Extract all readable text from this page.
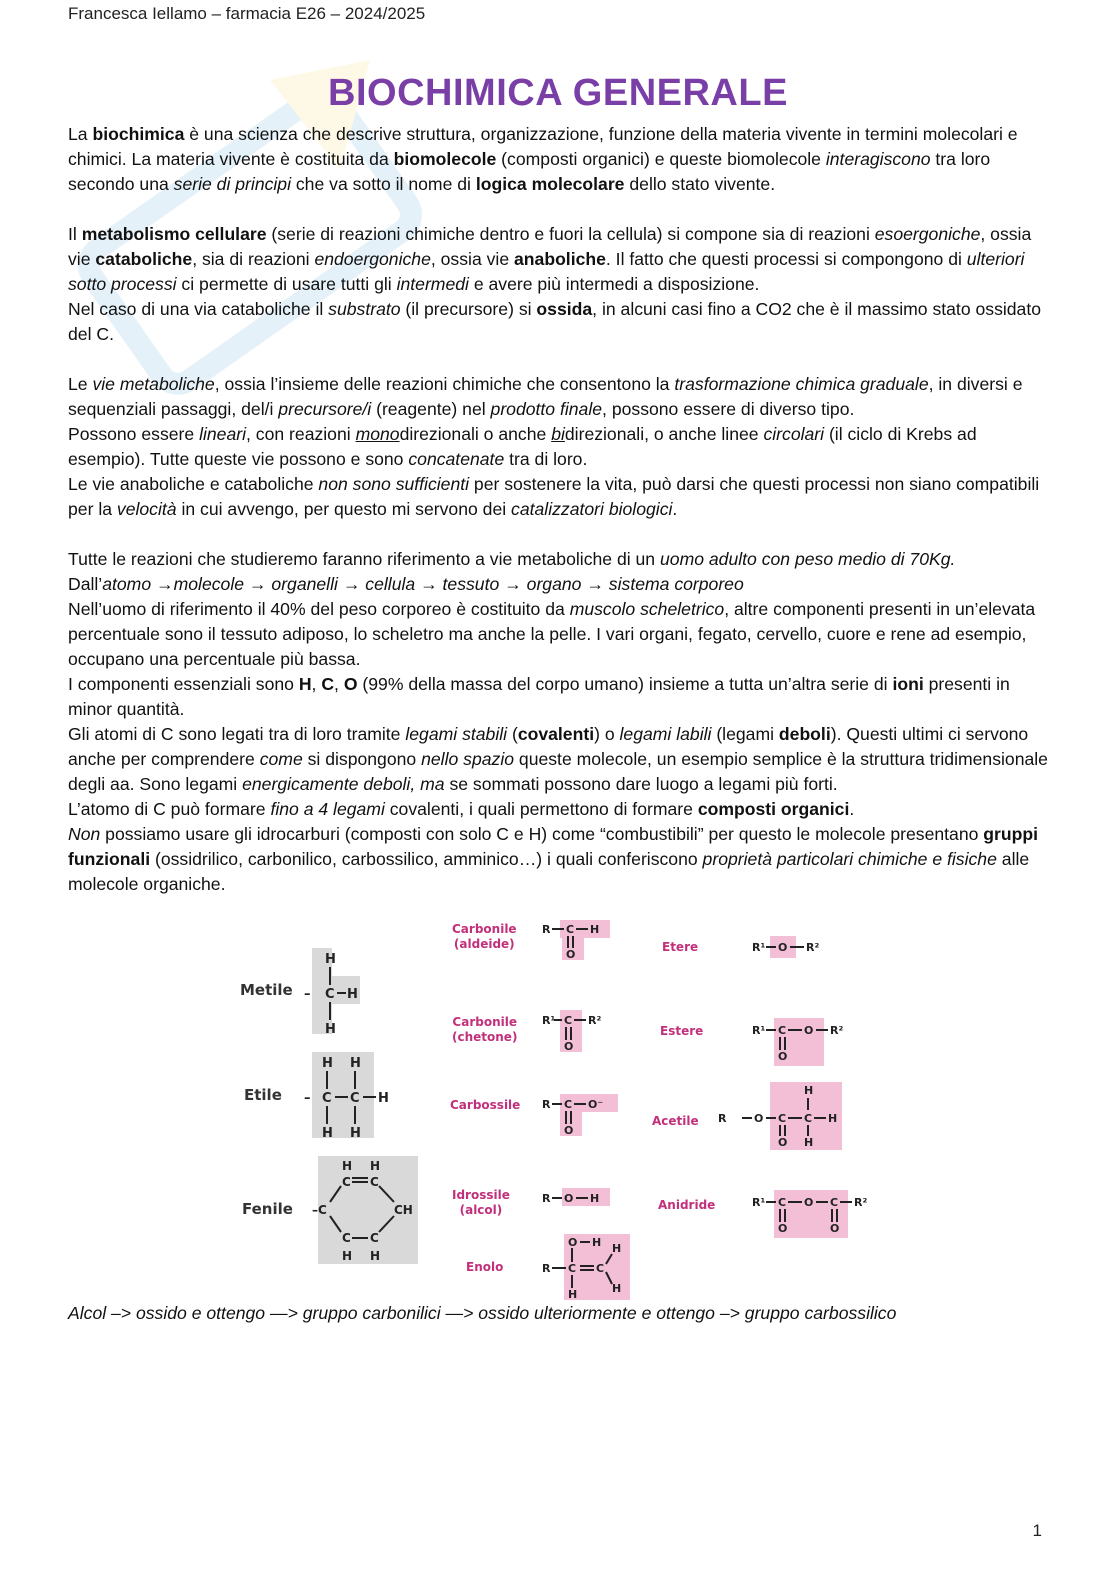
Francesca Iellamo – farmacia E26 – 2024/2025
BIOCHIMICA GENERALE

La biochimica è una scienza che descrive struttura, organizzazione, funzione della materia vivente in termini molecolari e chimici. La materia vivente è costituita da biomolecole (composti organici) e queste biomolecole interagiscono tra loro secondo una serie di principi che va sotto il nome di logica molecolare dello stato vivente.

Il metabolismo cellulare (serie di reazioni chimiche dentro e fuori la cellula) si compone sia di reazioni esoergoniche, ossia vie cataboliche, sia di reazioni endoergoniche, ossia vie anaboliche. Il fatto che questi processi si compongono di ulteriori sotto processi ci permette di usare tutti gli intermedi e avere più intermedi a disposizione.

Nel caso di una via cataboliche il substrato (il precursore) si ossida, in alcuni casi fino a CO2 che è il massimo stato ossidato del C.

Le vie metaboliche, ossia l’insieme delle reazioni chimiche che consentono la trasformazione chimica graduale, in diversi e sequenziali passaggi, del/i precursore/i (reagente) nel prodotto finale, possono essere di diverso tipo.

Possono essere lineari, con reazioni monodirezionali o anche bidirezionali, o anche linee circolari (il ciclo di Krebs ad esempio). Tutte queste vie possono e sono concatenate tra di loro.

Le vie anaboliche e cataboliche non sono sufficienti per sostenere la vita, può darsi che questi processi non siano compatibili per la velocità in cui avvengo, per questo mi servono dei catalizzatori biologici.

Tutte le reazioni che studieremo faranno riferimento a vie metaboliche di un uomo adulto con peso medio di 70Kg.

Dall’atomo →molecole → organelli → cellula → tessuto → organo → sistema corporeo

Nell’uomo di riferimento il 40% del peso corporeo è costituito da muscolo scheletrico, altre componenti presenti in un’elevata percentuale sono il tessuto adiposo, lo scheletro ma anche la pelle. I vari organi, fegato, cervello, cuore e rene ad esempio, occupano una percentuale più bassa.

I componenti essenziali sono H, C, O (99% della massa del corpo umano) insieme a tutta un’altra serie di ioni presenti in minor quantità.

Gli atomi di C sono legati tra di loro tramite legami stabili (covalenti) o legami labili (legami deboli). Questi ultimi ci servono anche per comprendere come si dispongono nello spazio queste molecole, un esempio semplice è la struttura tridimensionale degli aa. Sono legami energicamente deboli, ma se sommati possono dare luogo a legami più forti.

L’atomo di C può formare fino a 4 legami covalenti, i quali permettono di formare composti organici.

Non possiamo usare gli idrocarburi (composti con solo C e H) come “combustibili” per questo le molecole presentano gruppi funzionali (ossidrilico, carbonilico, carbossilico, amminico…) i quali conferiscono proprietà particolari chimiche e fisiche alle molecole organiche.

Metile
Etile
Fenile
H
C
H
H
–
H H
C C H
H H
–
H H
C C
CH
C C
H H
–C
Carbonile
(aldeide)
Carbonile
(chetone)
Carbossile
Idrossile
(alcol)
Enolo
R C H
O
R¹ C R²
O
R C O⁻
O
R O H
O H H
R C C
H	H
Etere
Estere
Acetile
Anidride
R¹ O R²
R¹ C O R²
O
H
R	O C C H
O H
R¹ C O C R²
O	O
Alcol –> ossido e ottengo —> gruppo carbonilici —> ossido ulteriormente e ottengo –> gruppo carbossilico
1
